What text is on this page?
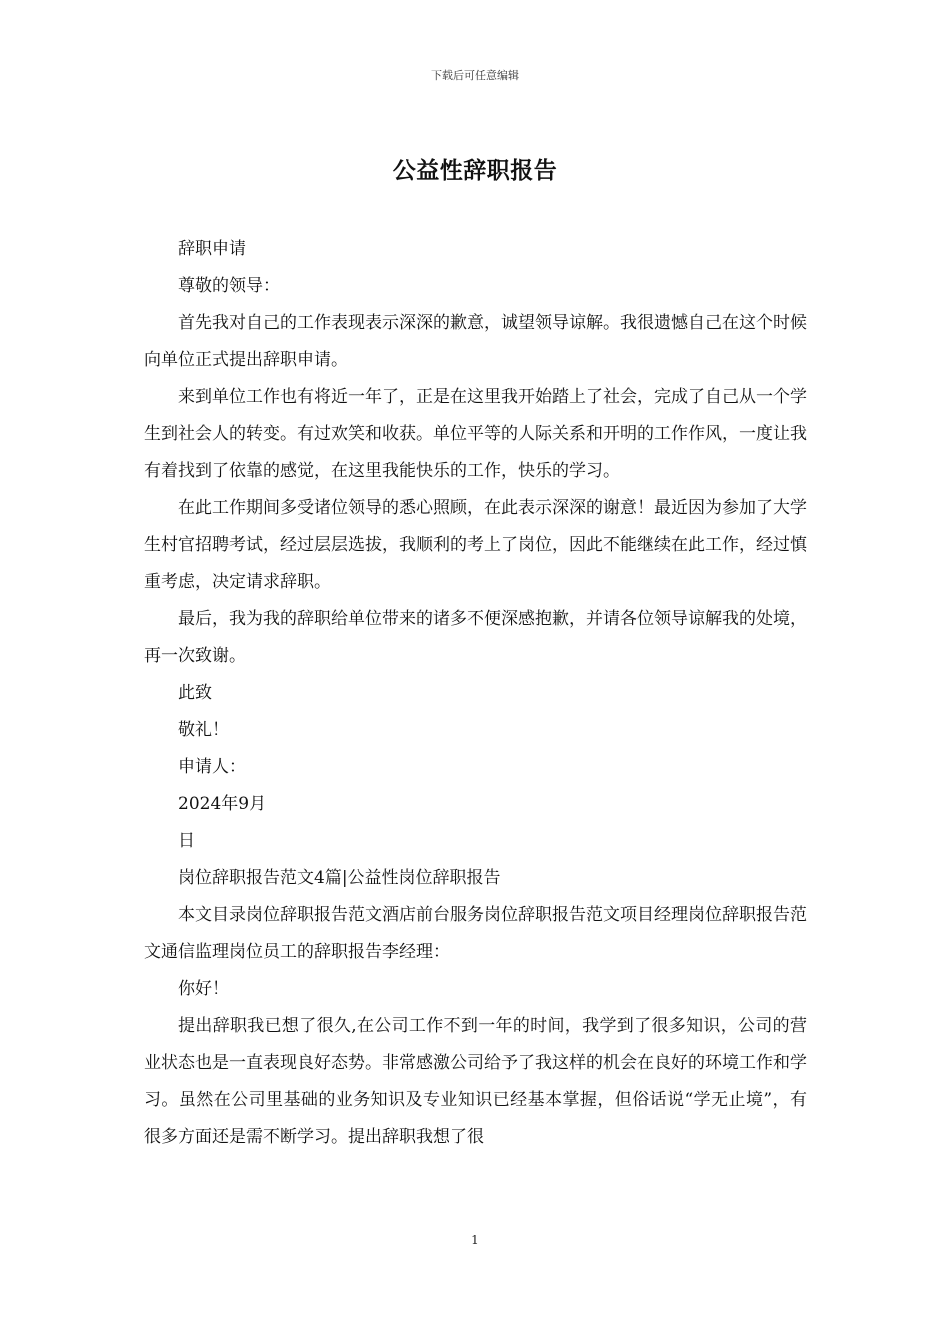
下载后可任意编辑
公益性辞职报告

辞职申请

尊敬的领导：

首先我对自己的工作表现表示深深的歉意，诚望领导谅解。我很遗憾自己在这个时候向单位正式提出辞职申请。

来到单位工作也有将近一年了，正是在这里我开始踏上了社会，完成了自己从一个学生到社会人的转变。有过欢笑和收获。单位平等的人际关系和开明的工作作风，一度让我有着找到了依靠的感觉，在这里我能快乐的工作，快乐的学习。

在此工作期间多受诸位领导的悉心照顾，在此表示深深的谢意！最近因为参加了大学生村官招聘考试，经过层层选拔，我顺利的考上了岗位，因此不能继续在此工作，经过慎重考虑，决定请求辞职。

最后，我为我的辞职给单位带来的诸多不便深感抱歉，并请各位领导谅解我的处境，再一次致谢。

此致

敬礼！

申请人：

2024年9月

日

岗位辞职报告范文4篇|公益性岗位辞职报告

本文目录岗位辞职报告范文酒店前台服务岗位辞职报告范文项目经理岗位辞职报告范文通信监理岗位员工的辞职报告李经理：

你好！

提出辞职我已想了很久,在公司工作不到一年的时间，我学到了很多知识，公司的营业状态也是一直表现良好态势。非常感激公司给予了我这样的机会在良好的环境工作和学习。虽然在公司里基础的业务知识及专业知识已经基本掌握，但俗话说“学无止境”，有很多方面还是需不断学习。提出辞职我想了很

1
